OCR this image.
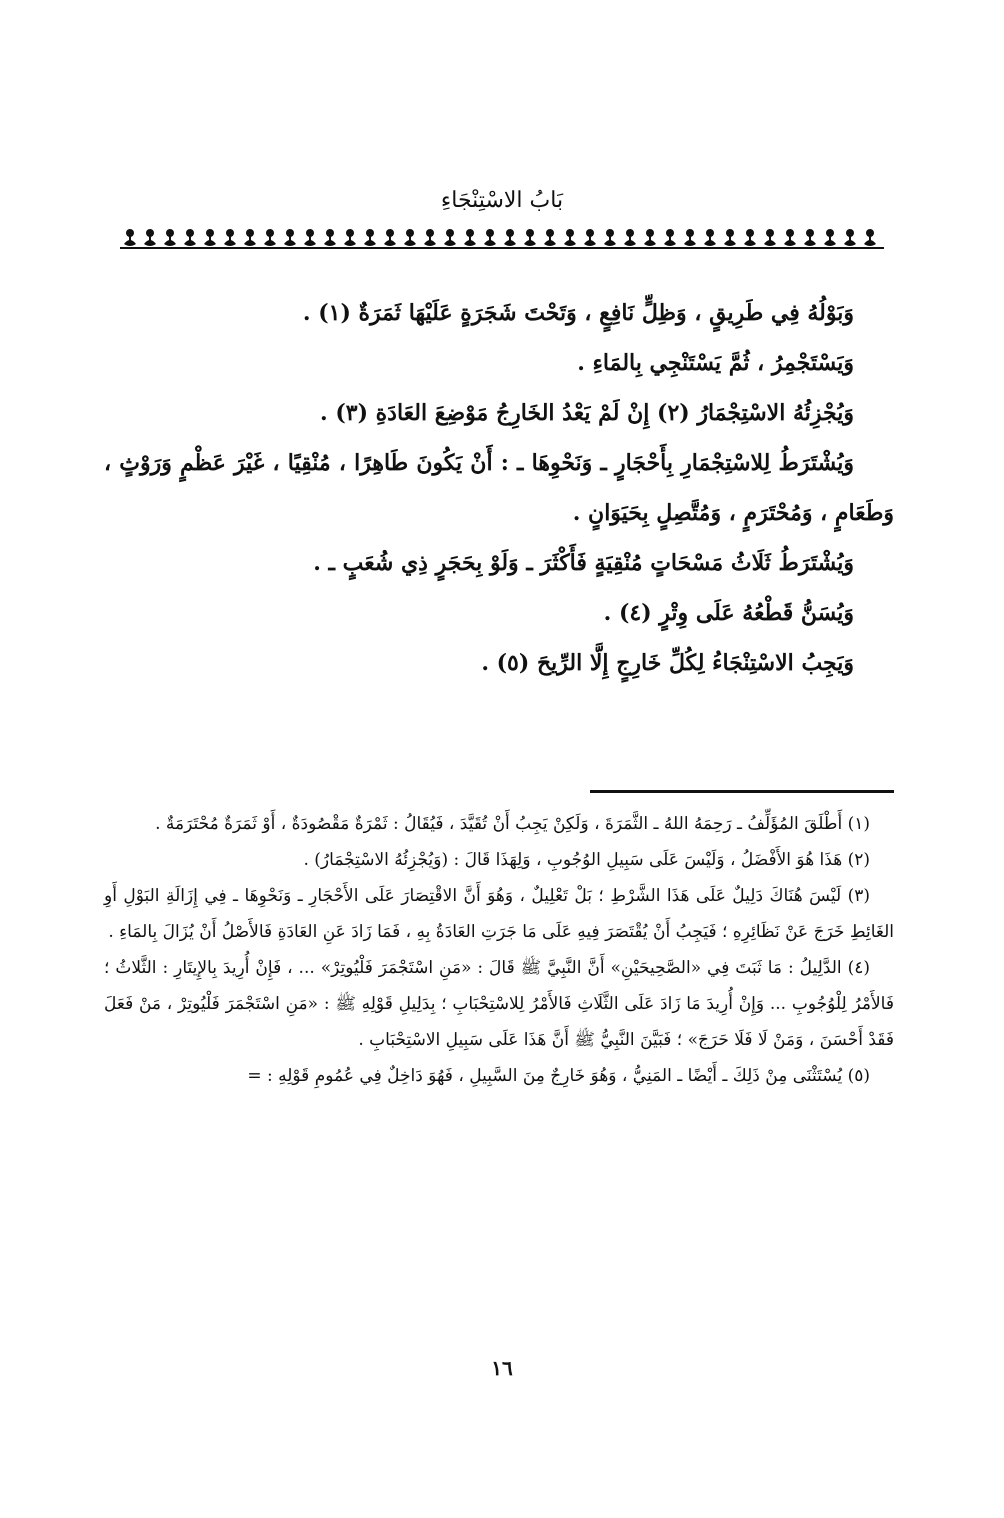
بَابُ الاسْتِنْجَاءِ

وَبَوْلُهُ فِي طَرِيقٍ ، وَظِلٍّ نَافِعٍ ، وَتَحْتَ شَجَرَةٍ عَلَيْهَا ثَمَرَةٌ (١) .

وَيَسْتَجْمِرُ ، ثُمَّ يَسْتَنْجِي بِالمَاءِ .

وَيُجْزِئُهُ الاسْتِجْمَارُ (٢) إِنْ لَمْ يَعْدُ الخَارِجُ مَوْضِعَ العَادَةِ (٣) .

وَيُشْتَرَطُ لِلاسْتِجْمَارِ بِأَحْجَارٍ ـ وَنَحْوِهَا ـ : أَنْ يَكُونَ طَاهِرًا ، مُنْقِيًا ، غَيْرَ عَظْمٍ وَرَوْثٍ ، وَطَعَامٍ ، وَمُحْتَرَمٍ ، وَمُتَّصِلٍ بِحَيَوَانٍ .

وَيُشْتَرَطُ ثَلَاثُ مَسْحَاتٍ مُنْقِيَةٍ فَأَكْثَرَ ـ وَلَوْ بِحَجَرٍ ذِي شُعَبٍ ـ .

وَيُسَنُّ قَطْعُهُ عَلَى وِتْرٍ (٤) .

وَيَجِبُ الاسْتِنْجَاءُ لِكُلِّ خَارِجٍ إِلَّا الرِّيحَ (٥) .

(١) أَطْلَقَ المُؤَلِّفُ ـ رَحِمَهُ اللهُ ـ الثَّمَرَةَ ، وَلَكِنْ يَجِبُ أَنْ تُقَيَّدَ ، فَيُقَالُ : ثَمْرَةٌ مَقْصُودَةٌ ، أَوْ ثَمَرَةٌ مُحْتَرَمَةٌ .

(٢) هَذَا هُوَ الأَفْضَلُ ، وَلَيْسَ عَلَى سَبِيلِ الوُجُوبِ ، وَلِهَذَا قَالَ : (وَيُجْزِئُهُ الاسْتِجْمَارُ) .

(٣) لَيْسَ هُنَاكَ دَلِيلٌ عَلَى هَذَا الشَّرْطِ ؛ بَلْ تَعْلِيلٌ ، وَهُوَ أَنَّ الاقْتِصَارَ عَلَى الأَحْجَارِ ـ وَنَحْوِهَا ـ فِي إِزَالَةِ البَوْلِ أَوِ الغَائِطِ خَرَجَ عَنْ نَظَائِرِهِ ؛ فَيَجِبُ أَنْ يُقْتَصَرَ فِيهِ عَلَى مَا جَرَتِ العَادَةُ بِهِ ، فَمَا زَادَ عَنِ العَادَةِ فَالأَصْلُ أَنْ يُزَالَ بِالمَاءِ .

(٤) الدَّلِيلُ : مَا ثَبَتَ فِي «الصَّحِيحَيْنِ» أَنَّ النَّبِيَّ ﷺ قَالَ : «مَنِ اسْتَجْمَرَ فَلْيُوتِرْ» ... ، فَإِنْ أُرِيدَ بِالإِيتَارِ : الثَّلاثُ ؛ فَالأَمْرُ لِلْوُجُوبِ ... وَإِنْ أُرِيدَ مَا زَادَ عَلَى الثَّلَاثِ فَالأَمْرُ لِلاسْتِحْبَابِ ؛ بِدَلِيلِ قَوْلِهِ ﷺ : «مَنِ اسْتَجْمَرَ فَلْيُوتِرْ ، مَنْ فَعَلَ فَقَدْ أَحْسَنَ ، وَمَنْ لَا فَلَا حَرَجَ» ؛ فَبَيَّنَ النَّبِيُّ ﷺ أَنَّ هَذَا عَلَى سَبِيلِ الاسْتِحْبَابِ .

(٥) يُسْتَثْنَى مِنْ ذَلِكَ ـ أَيْضًا ـ المَنِيُّ ، وَهُوَ خَارِجٌ مِنَ السَّبِيلِ ، فَهُوَ دَاخِلٌ فِي عُمُومِ قَوْلِهِ : =

١٦
